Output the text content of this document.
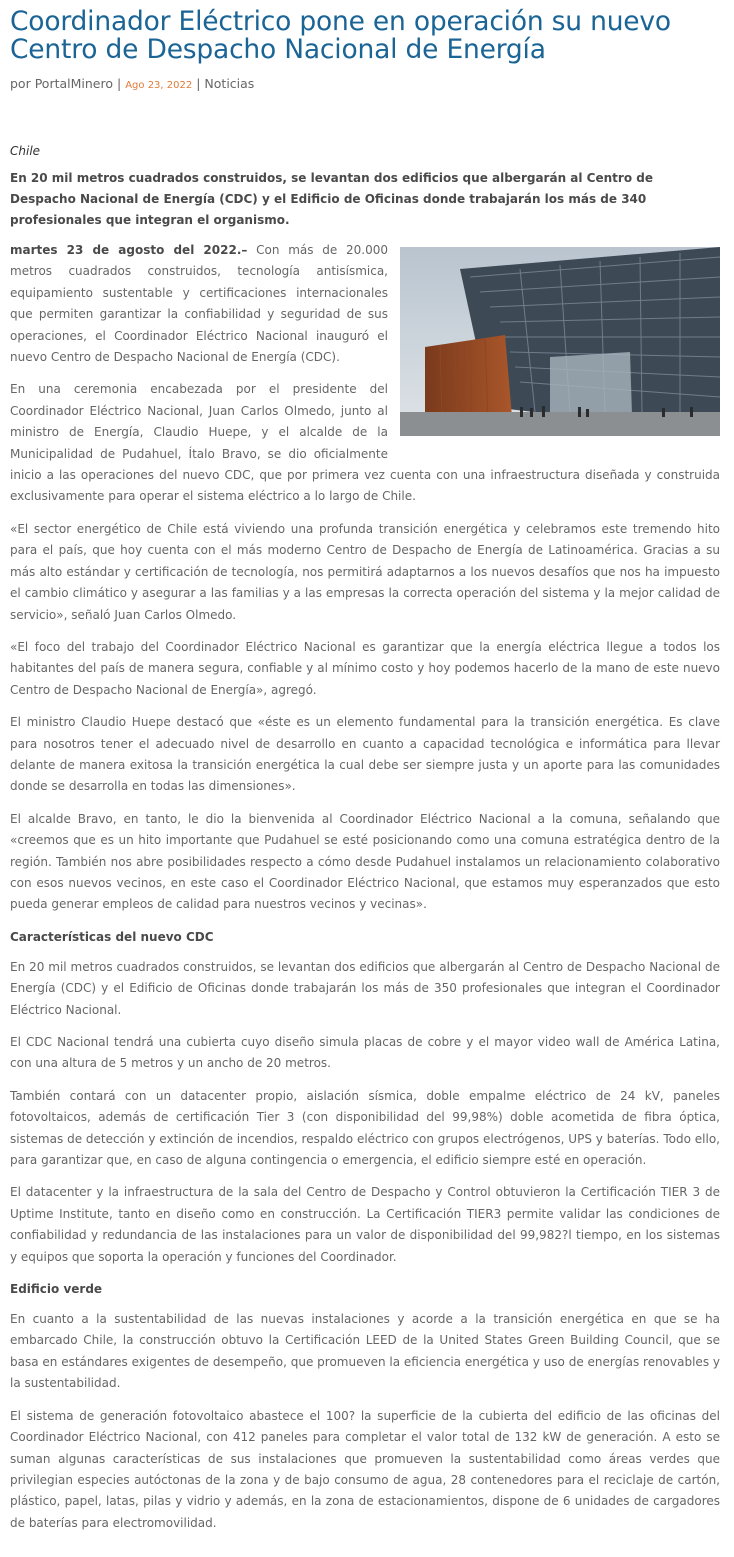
Coordinador Eléctrico pone en operación su nuevo Centro de Despacho Nacional de Energía
por PortalMinero | Ago 23, 2022 | Noticias
Chile
En 20 mil metros cuadrados construidos, se levantan dos edificios que albergarán al Centro de Despacho Nacional de Energía (CDC) y el Edificio de Oficinas donde trabajarán los más de 340 profesionales que integran el organismo.

martes 23 de agosto del 2022.– Con más de 20.000 metros cuadrados construidos, tecnología antisísmica, equipamiento sustentable y certificaciones internacionales que permiten garantizar la confiabilidad y seguridad de sus operaciones, el Coordinador Eléctrico Nacional inauguró el nuevo Centro de Despacho Nacional de Energía (CDC).

En una ceremonia encabezada por el presidente del Coordinador Eléctrico Nacional, Juan Carlos Olmedo, junto al ministro de Energía, Claudio Huepe, y el alcalde de la Municipalidad de Pudahuel, Ítalo Bravo, se dio oficialmente inicio a las operaciones del nuevo CDC, que por primera vez cuenta con una infraestructura diseñada y construida exclusivamente para operar el sistema eléctrico a lo largo de Chile.

«El sector energético de Chile está viviendo una profunda transición energética y celebramos este tremendo hito para el país, que hoy cuenta con el más moderno Centro de Despacho de Energía de Latinoamérica. Gracias a su más alto estándar y certificación de tecnología, nos permitirá adaptarnos a los nuevos desafíos que nos ha impuesto el cambio climático y asegurar a las familias y a las empresas la correcta operación del sistema y la mejor calidad de servicio», señaló Juan Carlos Olmedo.

«El foco del trabajo del Coordinador Eléctrico Nacional es garantizar que la energía eléctrica llegue a todos los habitantes del país de manera segura, confiable y al mínimo costo y hoy podemos hacerlo de la mano de este nuevo Centro de Despacho Nacional de Energía», agregó.

El ministro Claudio Huepe destacó que «éste es un elemento fundamental para la transición energética. Es clave para nosotros tener el adecuado nivel de desarrollo en cuanto a capacidad tecnológica e informática para llevar delante de manera exitosa la transición energética la cual debe ser siempre justa y un aporte para las comunidades donde se desarrolla en todas las dimensiones».

El alcalde Bravo, en tanto, le dio la bienvenida al Coordinador Eléctrico Nacional a la comuna, señalando que «creemos que es un hito importante que Pudahuel se esté posicionando como una comuna estratégica dentro de la región. También nos abre posibilidades respecto a cómo desde Pudahuel instalamos un relacionamiento colaborativo con esos nuevos vecinos, en este caso el Coordinador Eléctrico Nacional, que estamos muy esperanzados que esto pueda generar empleos de calidad para nuestros vecinos y vecinas».

Características del nuevo CDC

En 20 mil metros cuadrados construidos, se levantan dos edificios que albergarán al Centro de Despacho Nacional de Energía (CDC) y el Edificio de Oficinas donde trabajarán los más de 350 profesionales que integran el Coordinador Eléctrico Nacional.

El CDC Nacional tendrá una cubierta cuyo diseño simula placas de cobre y el mayor video wall de América Latina, con una altura de 5 metros y un ancho de 20 metros.

También contará con un datacenter propio, aislación sísmica, doble empalme eléctrico de 24 kV, paneles fotovoltaicos, además de certificación Tier 3 (con disponibilidad del 99,98%) doble acometida de fibra óptica, sistemas de detección y extinción de incendios, respaldo eléctrico con grupos electrógenos, UPS y baterías. Todo ello, para garantizar que, en caso de alguna contingencia o emergencia, el edificio siempre esté en operación.

El datacenter y la infraestructura de la sala del Centro de Despacho y Control obtuvieron la Certificación TIER 3 de Uptime Institute, tanto en diseño como en construcción. La Certificación TIER3 permite validar las condiciones de confiabilidad y redundancia de las instalaciones para un valor de disponibilidad del 99,982?l tiempo, en los sistemas y equipos que soporta la operación y funciones del Coordinador.

Edificio verde

En cuanto a la sustentabilidad de las nuevas instalaciones y acorde a la transición energética en que se ha embarcado Chile, la construcción obtuvo la Certificación LEED de la United States Green Building Council, que se basa en estándares exigentes de desempeño, que promueven la eficiencia energética y uso de energías renovables y la sustentabilidad.

El sistema de generación fotovoltaico abastece el 100? la superficie de la cubierta del edificio de las oficinas del Coordinador Eléctrico Nacional, con 412 paneles para completar el valor total de 132 kW de generación. A esto se suman algunas características de sus instalaciones que promueven la sustentabilidad como áreas verdes que privilegian especies autóctonas de la zona y de bajo consumo de agua, 28 contenedores para el reciclaje de cartón, plástico, papel, latas, pilas y vidrio y además, en la zona de estacionamientos, dispone de 6 unidades de cargadores de baterías para electromovilidad.
